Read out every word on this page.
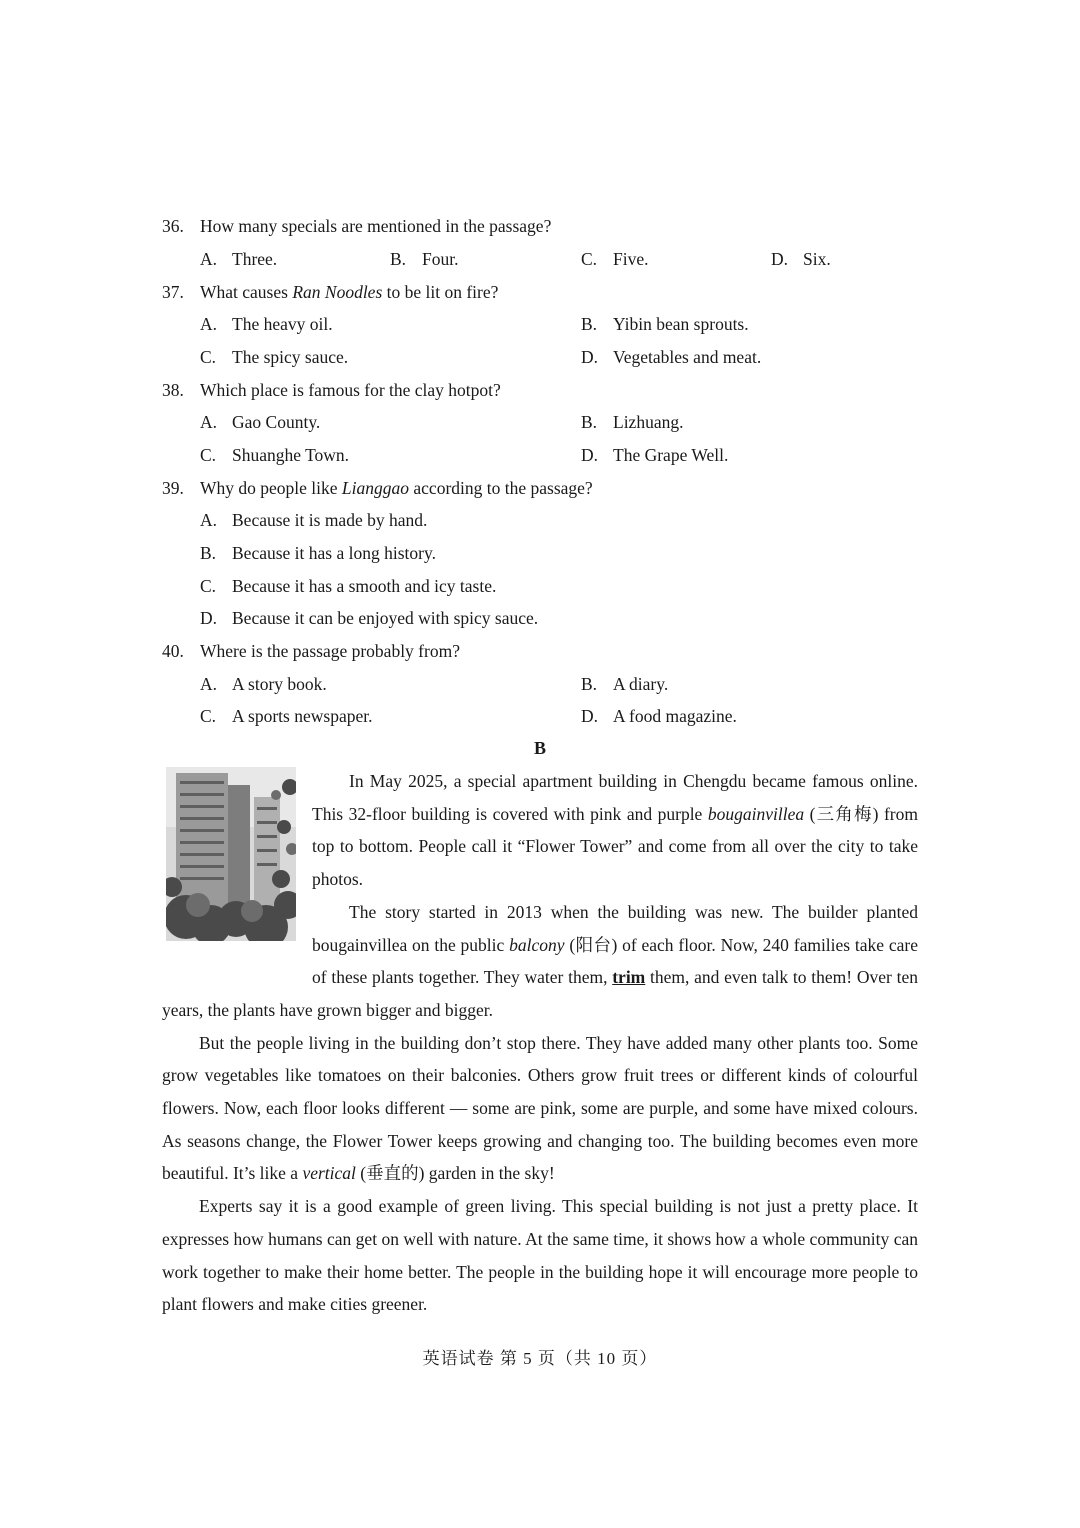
36. How many specials are mentioned in the passage?
A. Three.	B. Four.	C. Five.	D. Six.
37. What causes Ran Noodles to be lit on fire?
A. The heavy oil.	B. Yibin bean sprouts.
C. The spicy sauce.	D. Vegetables and meat.
38. Which place is famous for the clay hotpot?
A. Gao County.	B. Lizhuang.
C. Shuanghe Town.	D. The Grape Well.
39. Why do people like Lianggao according to the passage?
A. Because it is made by hand.
B. Because it has a long history.
C. Because it has a smooth and icy taste.
D. Because it can be enjoyed with spicy sauce.
40. Where is the passage probably from?
A. A story book.	B. A diary.
C. A sports newspaper.	D. A food magazine.
B

In May 2025, a special apartment building in Chengdu became famous online. This 32-floor building is covered with pink and purple bougainvillea (三角梅) from top to bottom. People call it “Flower Tower” and come from all over the city to take photos.

The story started in 2013 when the building was new. The builder planted bougainvillea on the public balcony (阳台) of each floor. Now, 240 families take care of these plants together. They water them, trim them, and even talk to them! Over ten years, the plants have grown bigger and bigger.

But the people living in the building don’t stop there. They have added many other plants too. Some grow vegetables like tomatoes on their balconies. Others grow fruit trees or different kinds of colourful flowers. Now, each floor looks different — some are pink, some are purple, and some have mixed colours. As seasons change, the Flower Tower keeps growing and changing too. The building becomes even more beautiful. It’s like a vertical (垂直的) garden in the sky!

Experts say it is a good example of green living. This special building is not just a pretty place. It expresses how humans can get on well with nature. At the same time, it shows how a whole community can work together to make their home better. The people in the building hope it will encourage more people to plant flowers and make cities greener.

英语试卷 第 5 页（共 10 页）
